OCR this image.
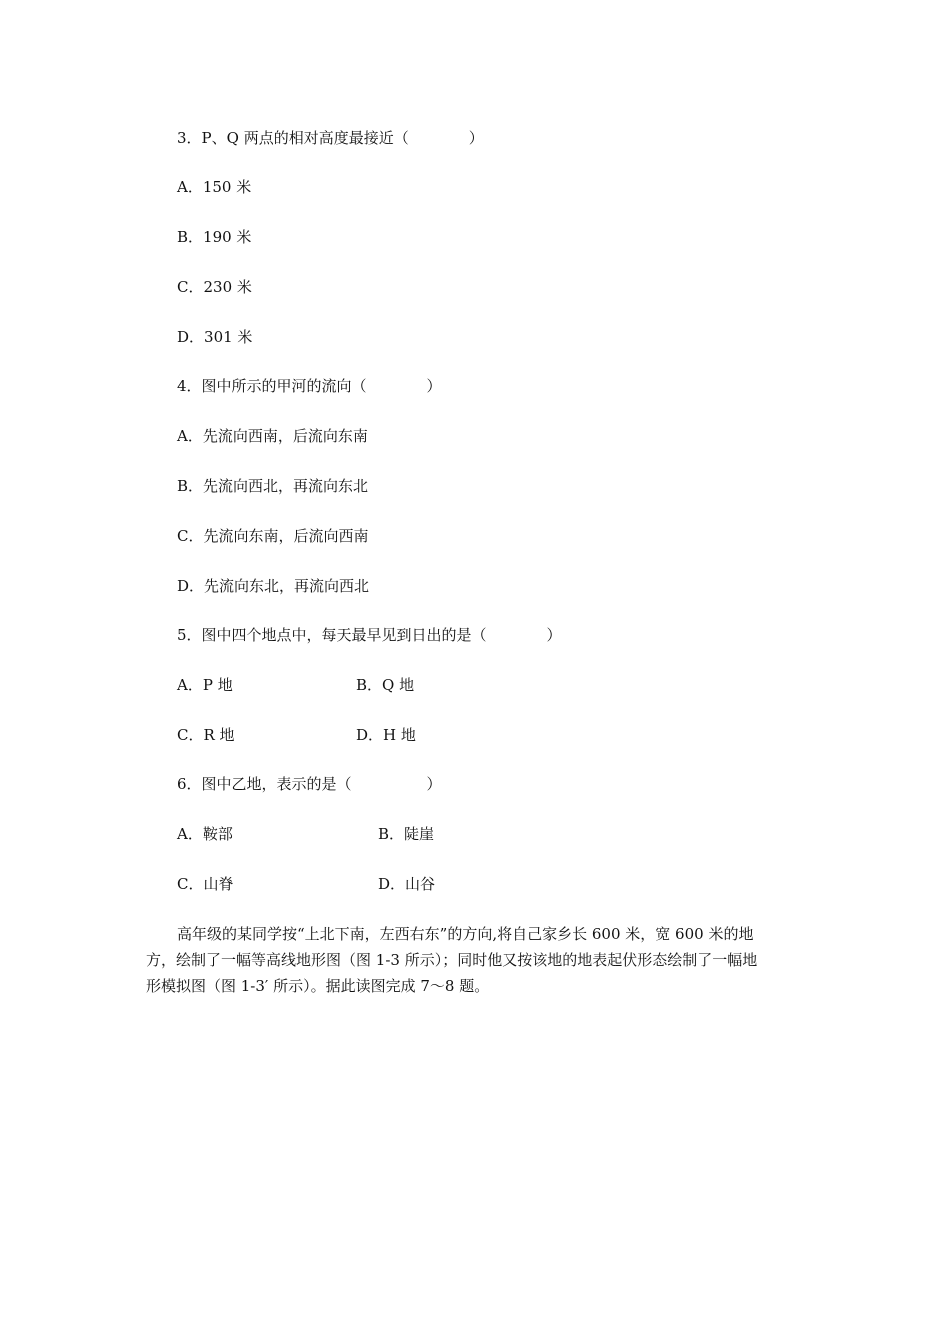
3．P、Q 两点的相对高度最接近（　　　　）
A．150 米
B．190 米
C．230 米
D．301 米
4．图中所示的甲河的流向（　　　　）
A．先流向西南，后流向东南
B．先流向西北，再流向东北
C．先流向东南，后流向西南
D．先流向东北，再流向西北
5．图中四个地点中，每天最早见到日出的是（　　　　）
A．P 地	B．Q 地
C．R 地	D．H 地
6．图中乙地，表示的是（　　　　　）
A．鞍部	B．陡崖
C．山脊	D．山谷
高年级的某同学按“上北下南，左西右东”的方向,将自己家乡长 600 米，宽 600 米的地
方，绘制了一幅等高线地形图（图 1-3 所示）；同时他又按该地的地表起伏形态绘制了一幅地
形模拟图（图 1-3′ 所示）。据此读图完成 7～8 题。
